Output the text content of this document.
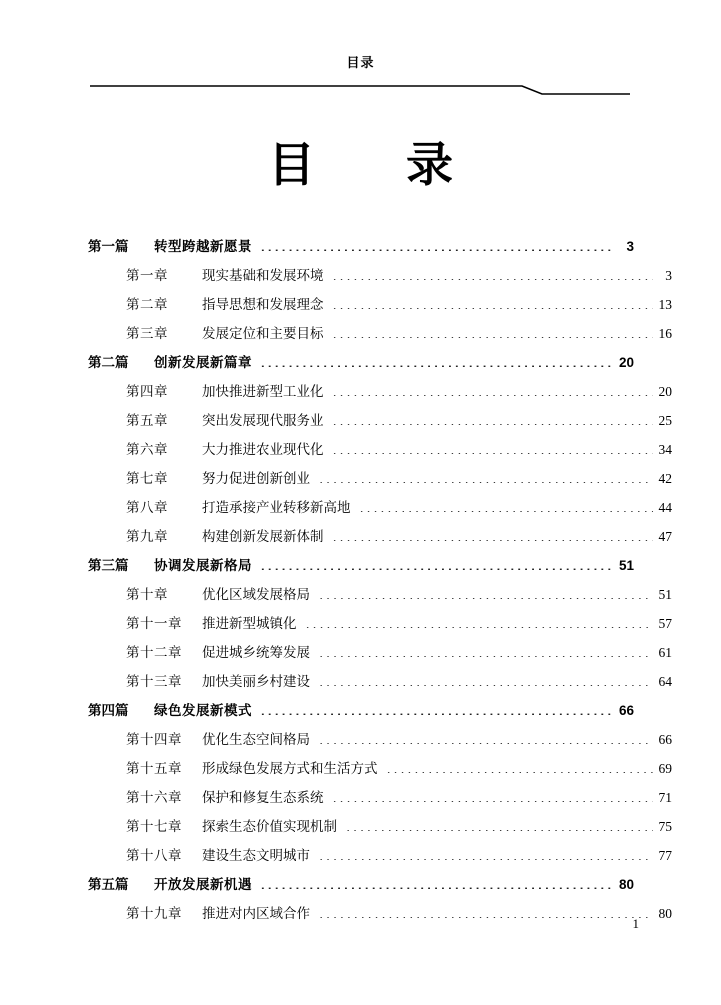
目录
目　录
第一篇	转型跨越新愿景 ·····	3
第一章	现实基础和发展环境 ·····	3
第二章	指导思想和发展理念 ·····	13
第三章	发展定位和主要目标 ·····	16
第二篇	创新发展新篇章 ·····	20
第四章	加快推进新型工业化 ·····	20
第五章	突出发展现代服务业 ·····	25
第六章	大力推进农业现代化 ·····	34
第七章	努力促进创新创业 ·····	42
第八章	打造承接产业转移新高地 ·····	44
第九章	构建创新发展新体制 ·····	47
第三篇	协调发展新格局 ·····	51
第十章	优化区域发展格局 ·····	51
第十一章	推进新型城镇化 ·····	57
第十二章	促进城乡统筹发展 ·····	61
第十三章	加快美丽乡村建设 ·····	64
第四篇	绿色发展新模式 ·····	66
第十四章	优化生态空间格局 ·····	66
第十五章	形成绿色发展方式和生活方式 ·····	69
第十六章	保护和修复生态系统 ·····	71
第十七章	探索生态价值实现机制 ·····	75
第十八章	建设生态文明城市 ·····	77
第五篇	开放发展新机遇 ·····	80
第十九章	推进对内区域合作 ·····	80
1
